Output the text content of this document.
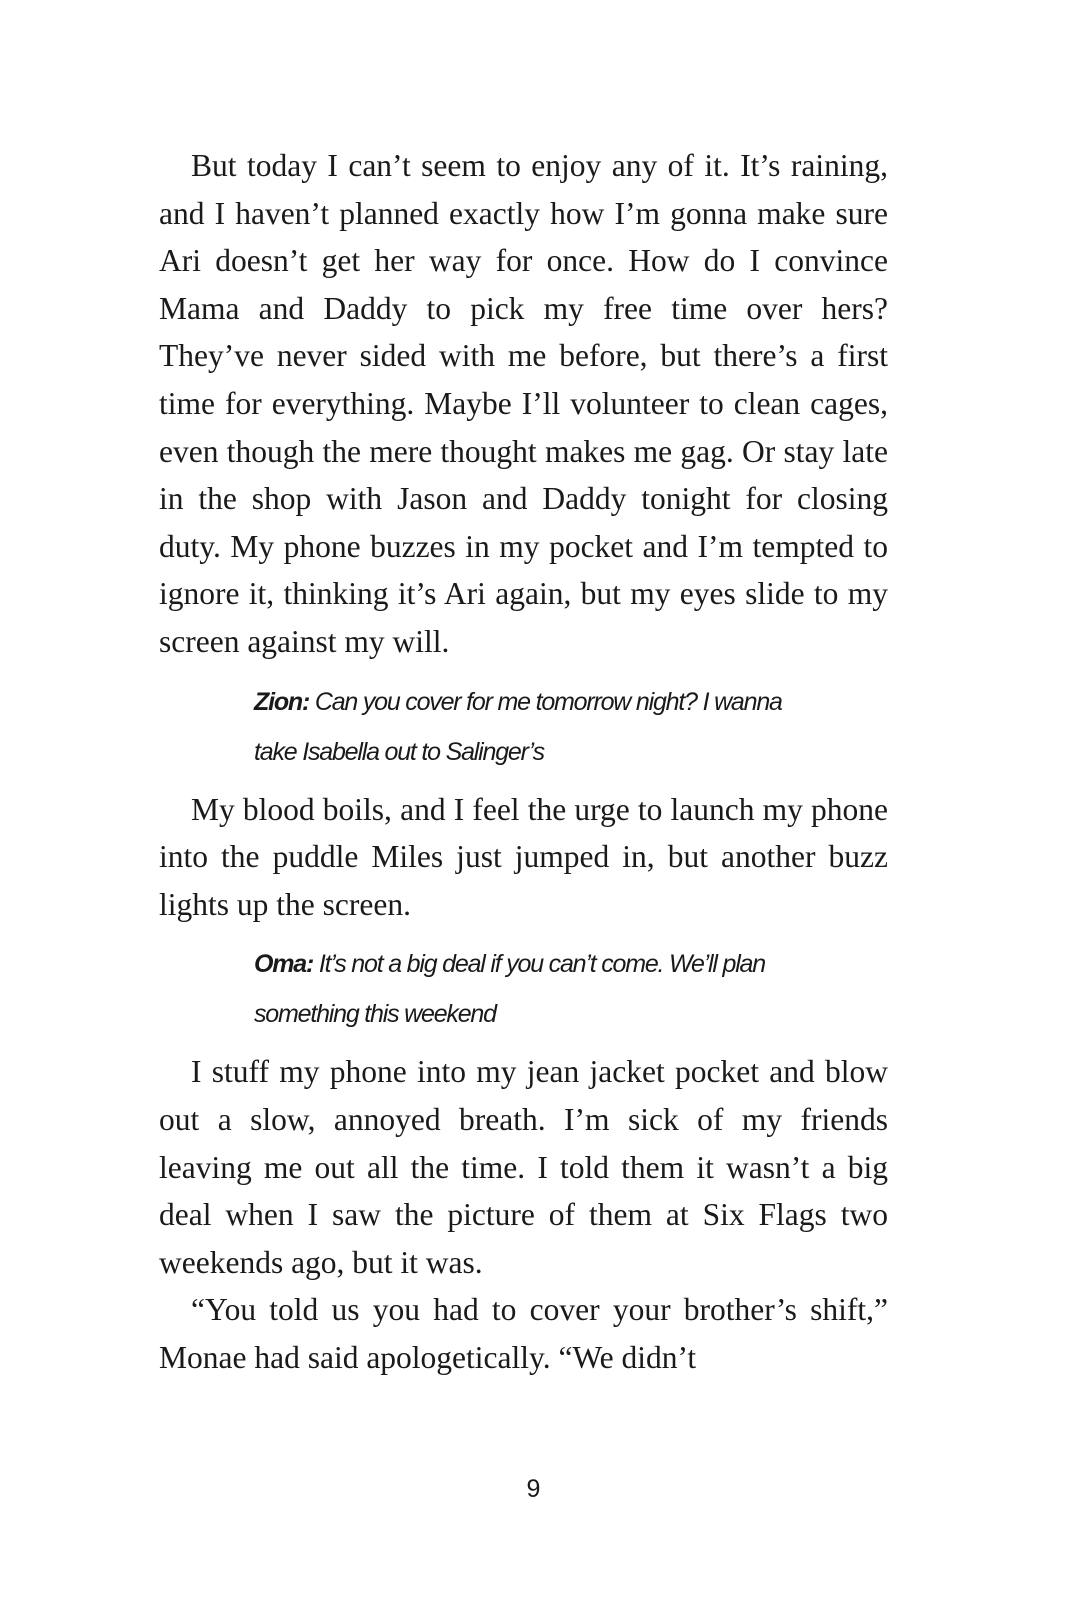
But today I can’t seem to enjoy any of it. It’s raining, and I haven’t planned exactly how I’m gonna make sure Ari doesn’t get her way for once. How do I convince Mama and Daddy to pick my free time over hers? They’ve never sided with me before, but there’s a first time for everything. Maybe I’ll volunteer to clean cages, even though the mere thought makes me gag. Or stay late in the shop with Jason and Daddy tonight for closing duty. My phone buzzes in my pocket and I’m tempted to ignore it, thinking it’s Ari again, but my eyes slide to my screen against my will.

Zion: Can you cover for me tomorrow night? I wanna take Isabella out to Salinger’s

My blood boils, and I feel the urge to launch my phone into the puddle Miles just jumped in, but another buzz lights up the screen.

Oma: It’s not a big deal if you can’t come. We’ll plan something this weekend

I stuff my phone into my jean jacket pocket and blow out a slow, annoyed breath. I’m sick of my friends leaving me out all the time. I told them it wasn’t a big deal when I saw the picture of them at Six Flags two weekends ago, but it was.

“You told us you had to cover your brother’s shift,” Monae had said apologetically. “We didn’t

9
